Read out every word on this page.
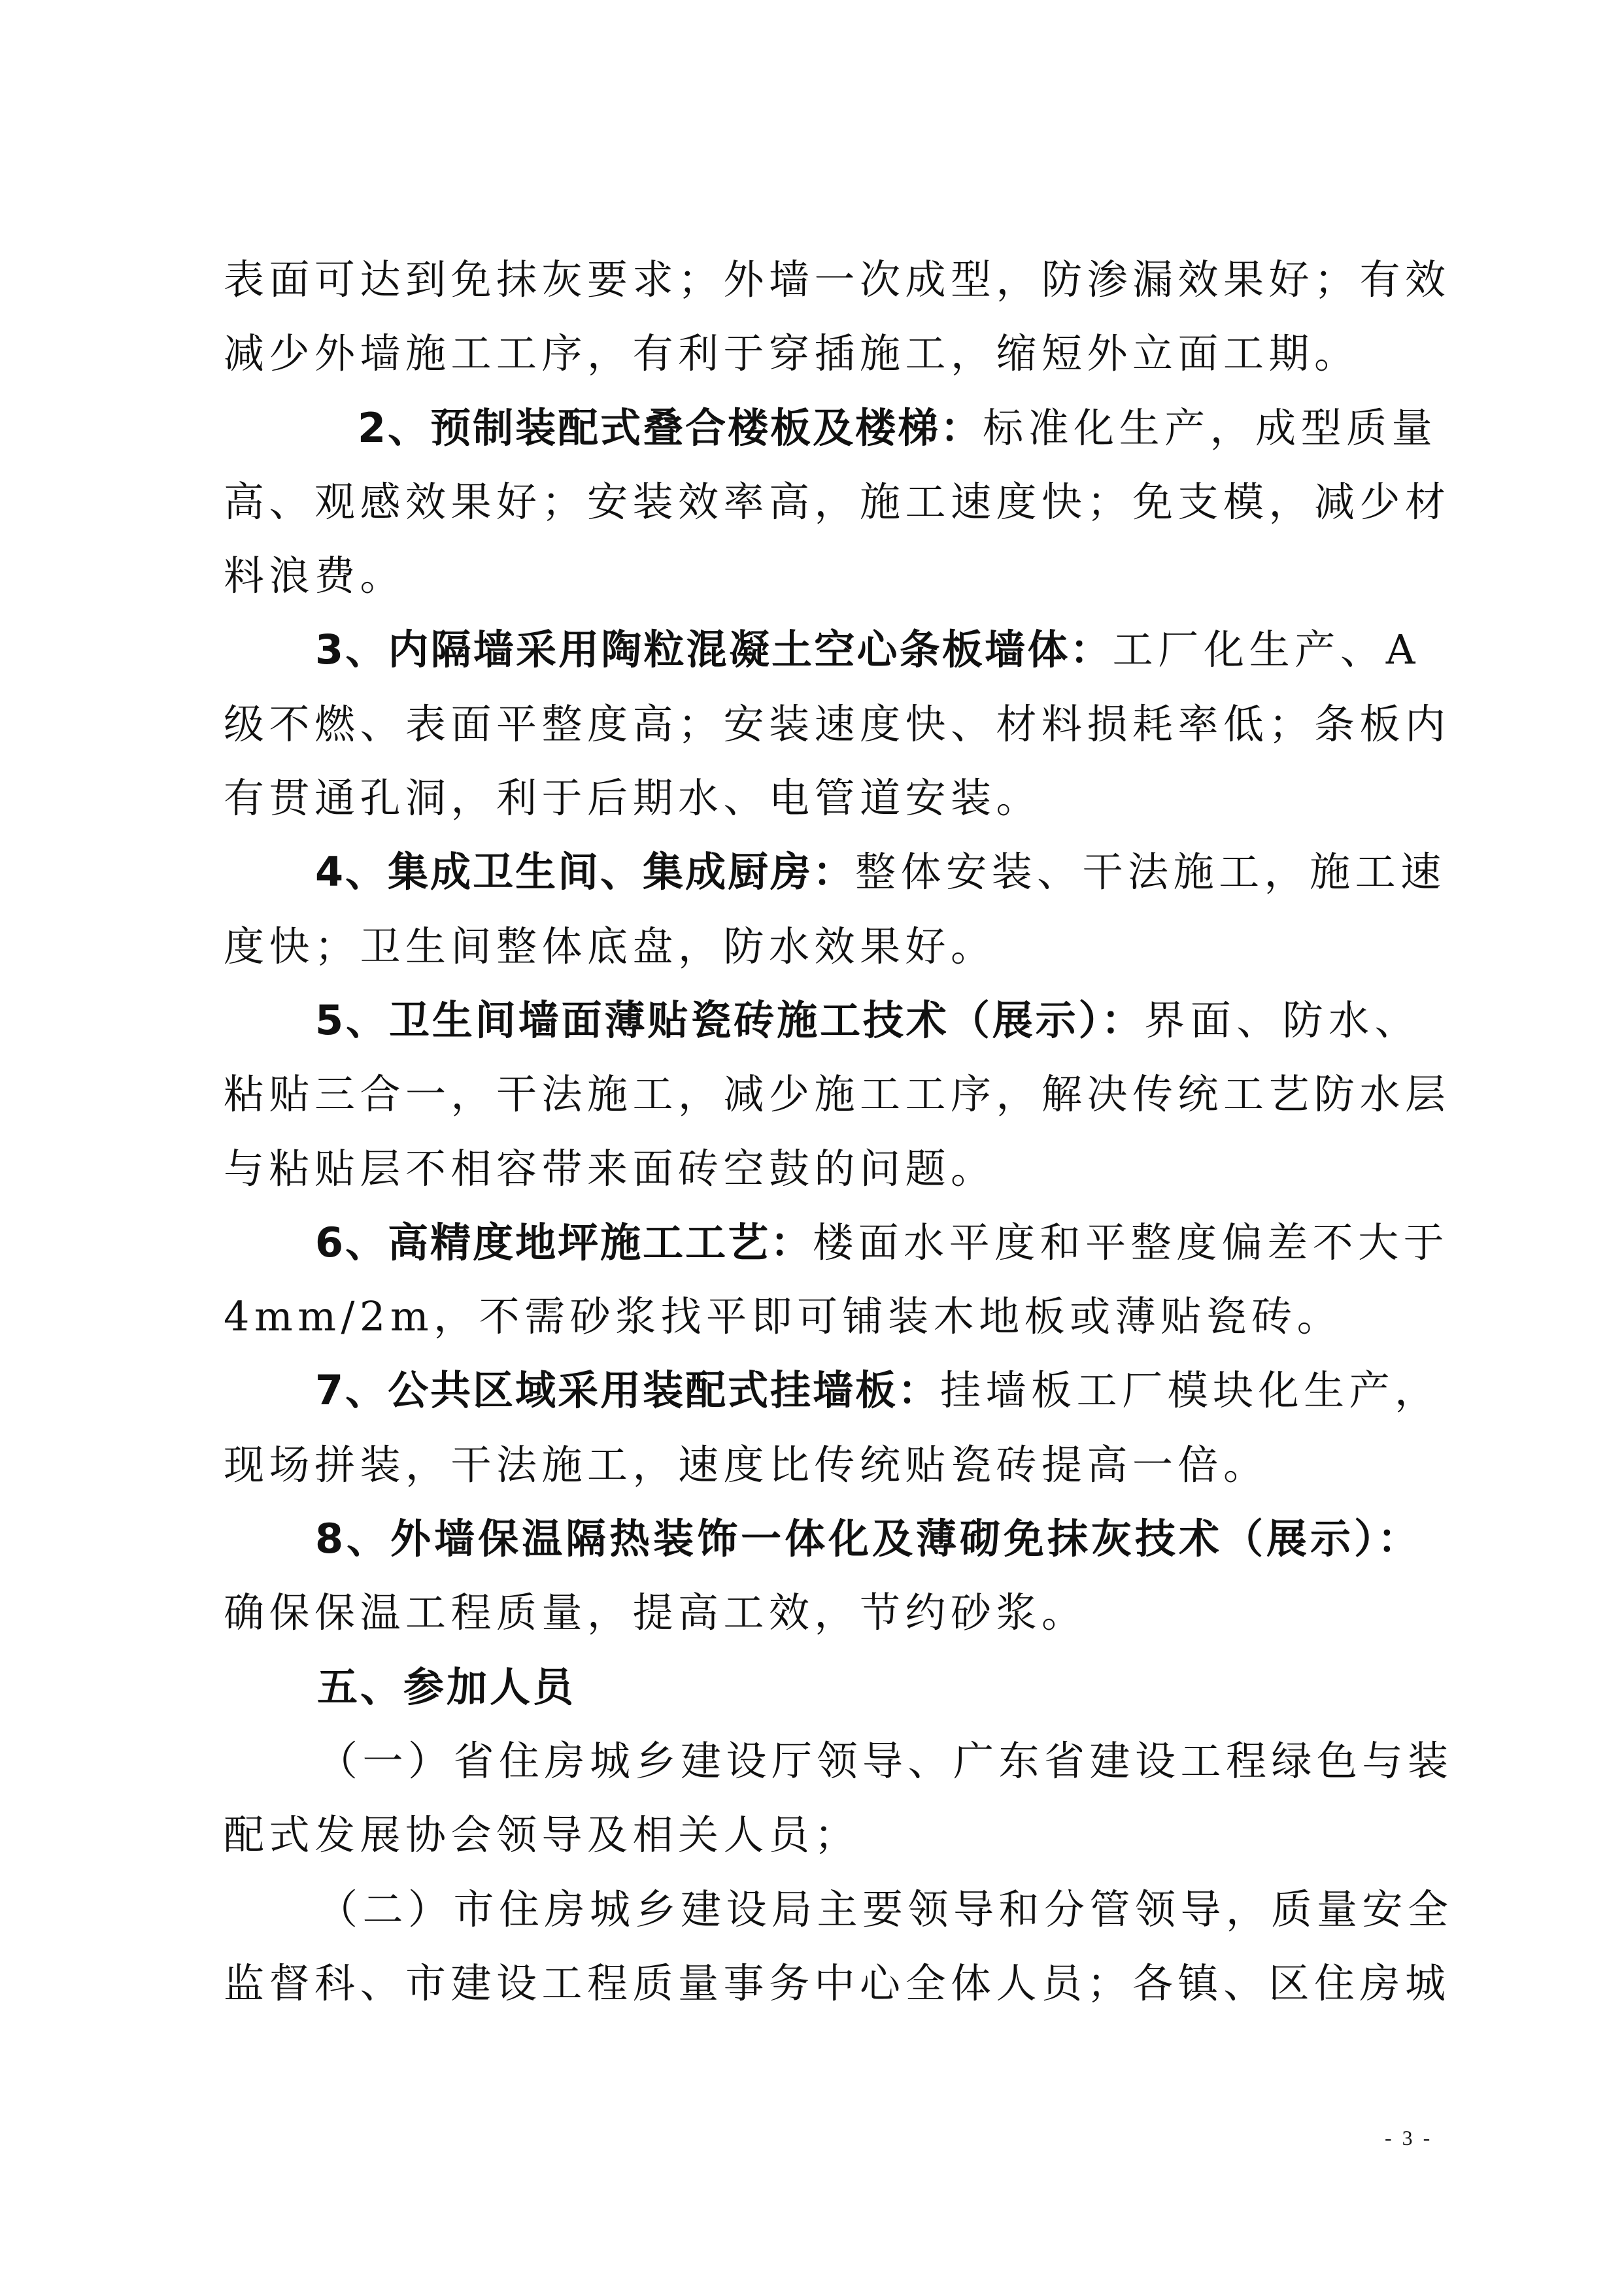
表面可达到免抹灰要求；外墙一次成型，防渗漏效果好；有效
减少外墙施工工序，有利于穿插施工，缩短外立面工期。
2、预制装配式叠合楼板及楼梯：标准化生产，成型质量
高、观感效果好；安装效率高，施工速度快；免支模，减少材
料浪费。
3、内隔墙采用陶粒混凝土空心条板墙体：工厂化生产、A
级不燃、表面平整度高；安装速度快、材料损耗率低；条板内
有贯通孔洞，利于后期水、电管道安装。
4、集成卫生间、集成厨房：整体安装、干法施工，施工速
度快；卫生间整体底盘，防水效果好。
5、卫生间墙面薄贴瓷砖施工技术（展示）：界面、防水、
粘贴三合一，干法施工，减少施工工序，解决传统工艺防水层
与粘贴层不相容带来面砖空鼓的问题。
6、高精度地坪施工工艺：楼面水平度和平整度偏差不大于
4mm/2m，不需砂浆找平即可铺装木地板或薄贴瓷砖。
7、公共区域采用装配式挂墙板：挂墙板工厂模块化生产，
现场拼装，干法施工，速度比传统贴瓷砖提高一倍。
8、外墙保温隔热装饰一体化及薄砌免抹灰技术（展示）：
确保保温工程质量，提高工效，节约砂浆。
五、参加人员
（一）省住房城乡建设厅领导、广东省建设工程绿色与装
配式发展协会领导及相关人员；
（二）市住房城乡建设局主要领导和分管领导，质量安全
监督科、市建设工程质量事务中心全体人员；各镇、区住房城
- 3 -
